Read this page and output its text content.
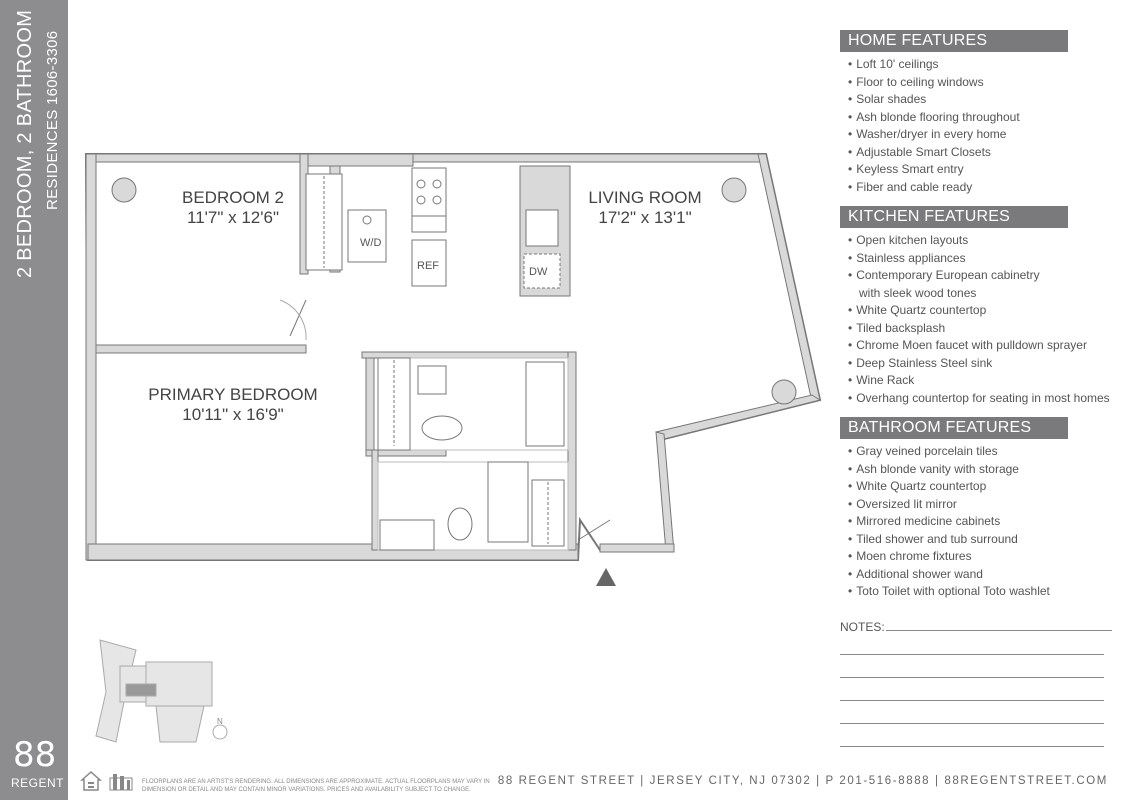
2 BEDROOM, 2 BATHROOM RESIDENCES 1606-3306
88
REGENT
BEDROOM 2
11'7" x 12'6"
LIVING ROOM
17'2" x 13'1"
PRIMARY BEDROOM
10'11" x 16'9"
W/D
REF	DW
N
HOME FEATURES
• Loft 10' ceilings
• Floor to ceiling windows
• Solar shades
• Ash blonde flooring throughout
• Washer/dryer in every home
• Adjustable Smart Closets
• Keyless Smart entry
• Fiber and cable ready
KITCHEN FEATURES
• Open kitchen layouts
• Stainless appliances
• Contemporary European cabinetry
with sleek wood tones
• White Quartz countertop
• Tiled backsplash
• Chrome Moen faucet with pulldown sprayer
• Deep Stainless Steel sink
• Wine Rack
• Overhang countertop for seating in most homes
BATHROOM FEATURES
• Gray veined porcelain tiles
• Ash blonde vanity with storage
• White Quartz countertop
• Oversized lit mirror
• Mirrored medicine cabinets
• Tiled shower and tub surround
• Moen chrome fixtures
• Additional shower wand
• Toto Toilet with optional Toto washlet
NOTES:
FLOORPLANS ARE AN ARTIST'S RENDERING. ALL DIMENSIONS ARE APPROXIMATE. ACTUAL FLOORPLANS MAY VARY IN DIMENSION OR DETAIL AND MAY CONTAIN MINOR VARIATIONS. PRICES AND AVAILABILITY SUBJECT TO CHANGE.
88 REGENT STREET | JERSEY CITY, NJ 07302 | P 201-516-8888 | 88REGENTSTREET.COM
